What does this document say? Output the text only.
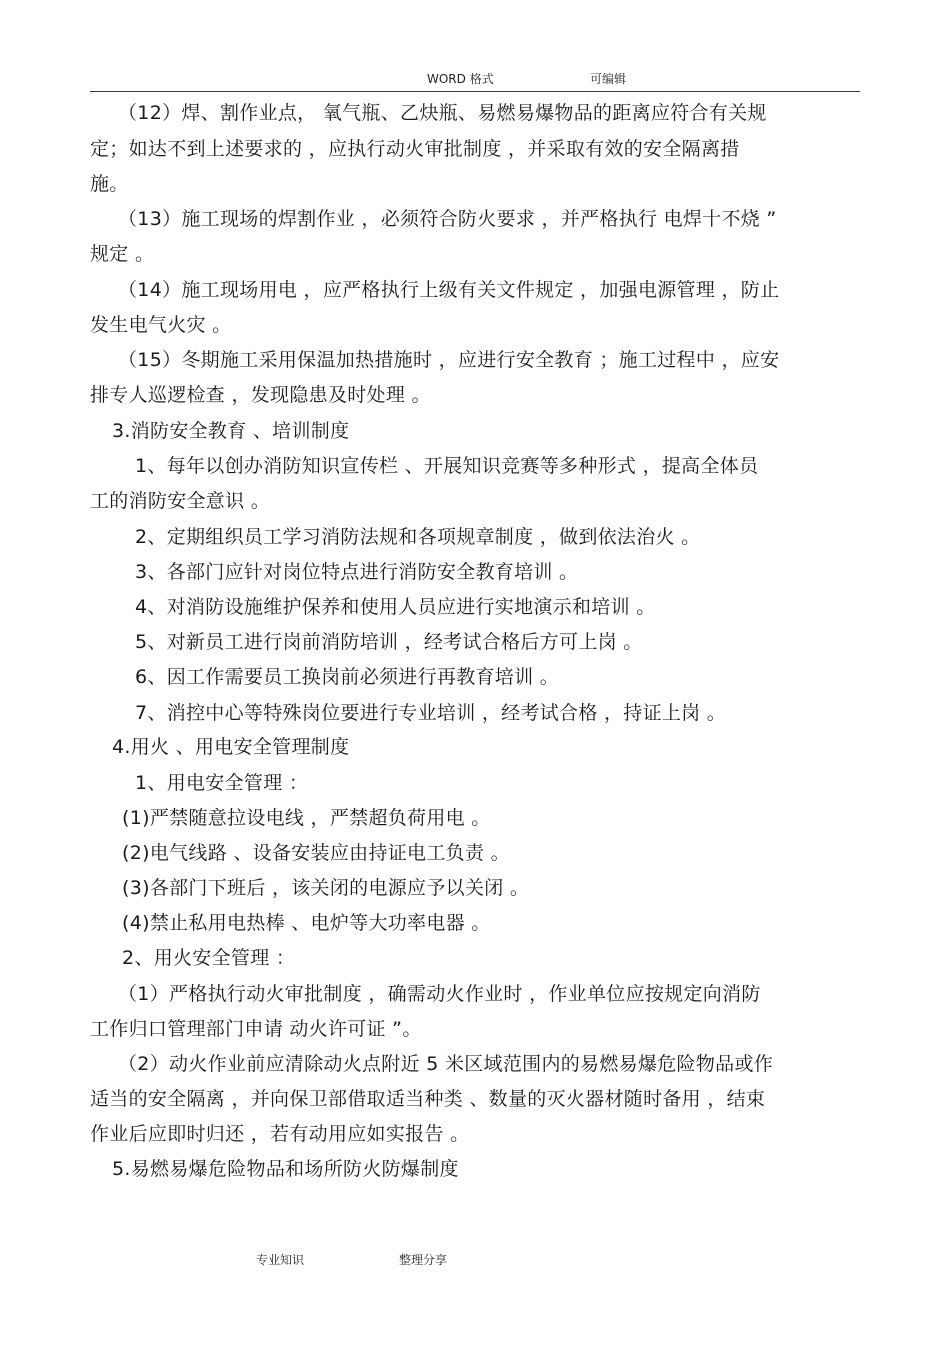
WORD 格式	可编辑
（12）焊、割作业点， 氧气瓶、乙炔瓶、易燃易爆物品的距离应符合有关规
定；如达不到上述要求的 ，应执行动火审批制度 ，并采取有效的安全隔离措
施。
（13）施工现场的焊割作业 ，必须符合防火要求 ，并严格执行 电焊十不烧 ”
规定 。
（14）施工现场用电 ，应严格执行上级有关文件规定 ，加强电源管理 ，防止
发生电气火灾 。
（15）冬期施工采用保温加热措施时 ，应进行安全教育 ；施工过程中 ，应安
排专人巡逻检查 ，发现隐患及时处理 。
3.消防安全教育 、培训制度
1、每年以创办消防知识宣传栏 、开展知识竞赛等多种形式 ，提高全体员
工的消防安全意识 。
2、定期组织员工学习消防法规和各项规章制度 ，做到依法治火 。
3、各部门应针对岗位特点进行消防安全教育培训 。
4、对消防设施维护保养和使用人员应进行实地演示和培训 。
5、对新员工进行岗前消防培训 ，经考试合格后方可上岗 。
6、因工作需要员工换岗前必须进行再教育培训 。
7、消控中心等特殊岗位要进行专业培训 ，经考试合格 ，持证上岗 。
4.用火 、用电安全管理制度
1、用电安全管理 ：
(1)严禁随意拉设电线 ，严禁超负荷用电 。
(2)电气线路 、设备安装应由持证电工负责 。
(3)各部门下班后 ，该关闭的电源应予以关闭 。
(4)禁止私用电热棒 、电炉等大功率电器 。
2、用火安全管理 ：
（1）严格执行动火审批制度 ，确需动火作业时 ，作业单位应按规定向消防
工作归口管理部门申请 动火许可证 ”。
（2）动火作业前应清除动火点附近 5 米区域范围内的易燃易爆危险物品或作
适当的安全隔离 ，并向保卫部借取适当种类 、数量的灭火器材随时备用 ，结束
作业后应即时归还 ，若有动用应如实报告 。
5.易燃易爆危险物品和场所防火防爆制度
专业知识	整理分享
